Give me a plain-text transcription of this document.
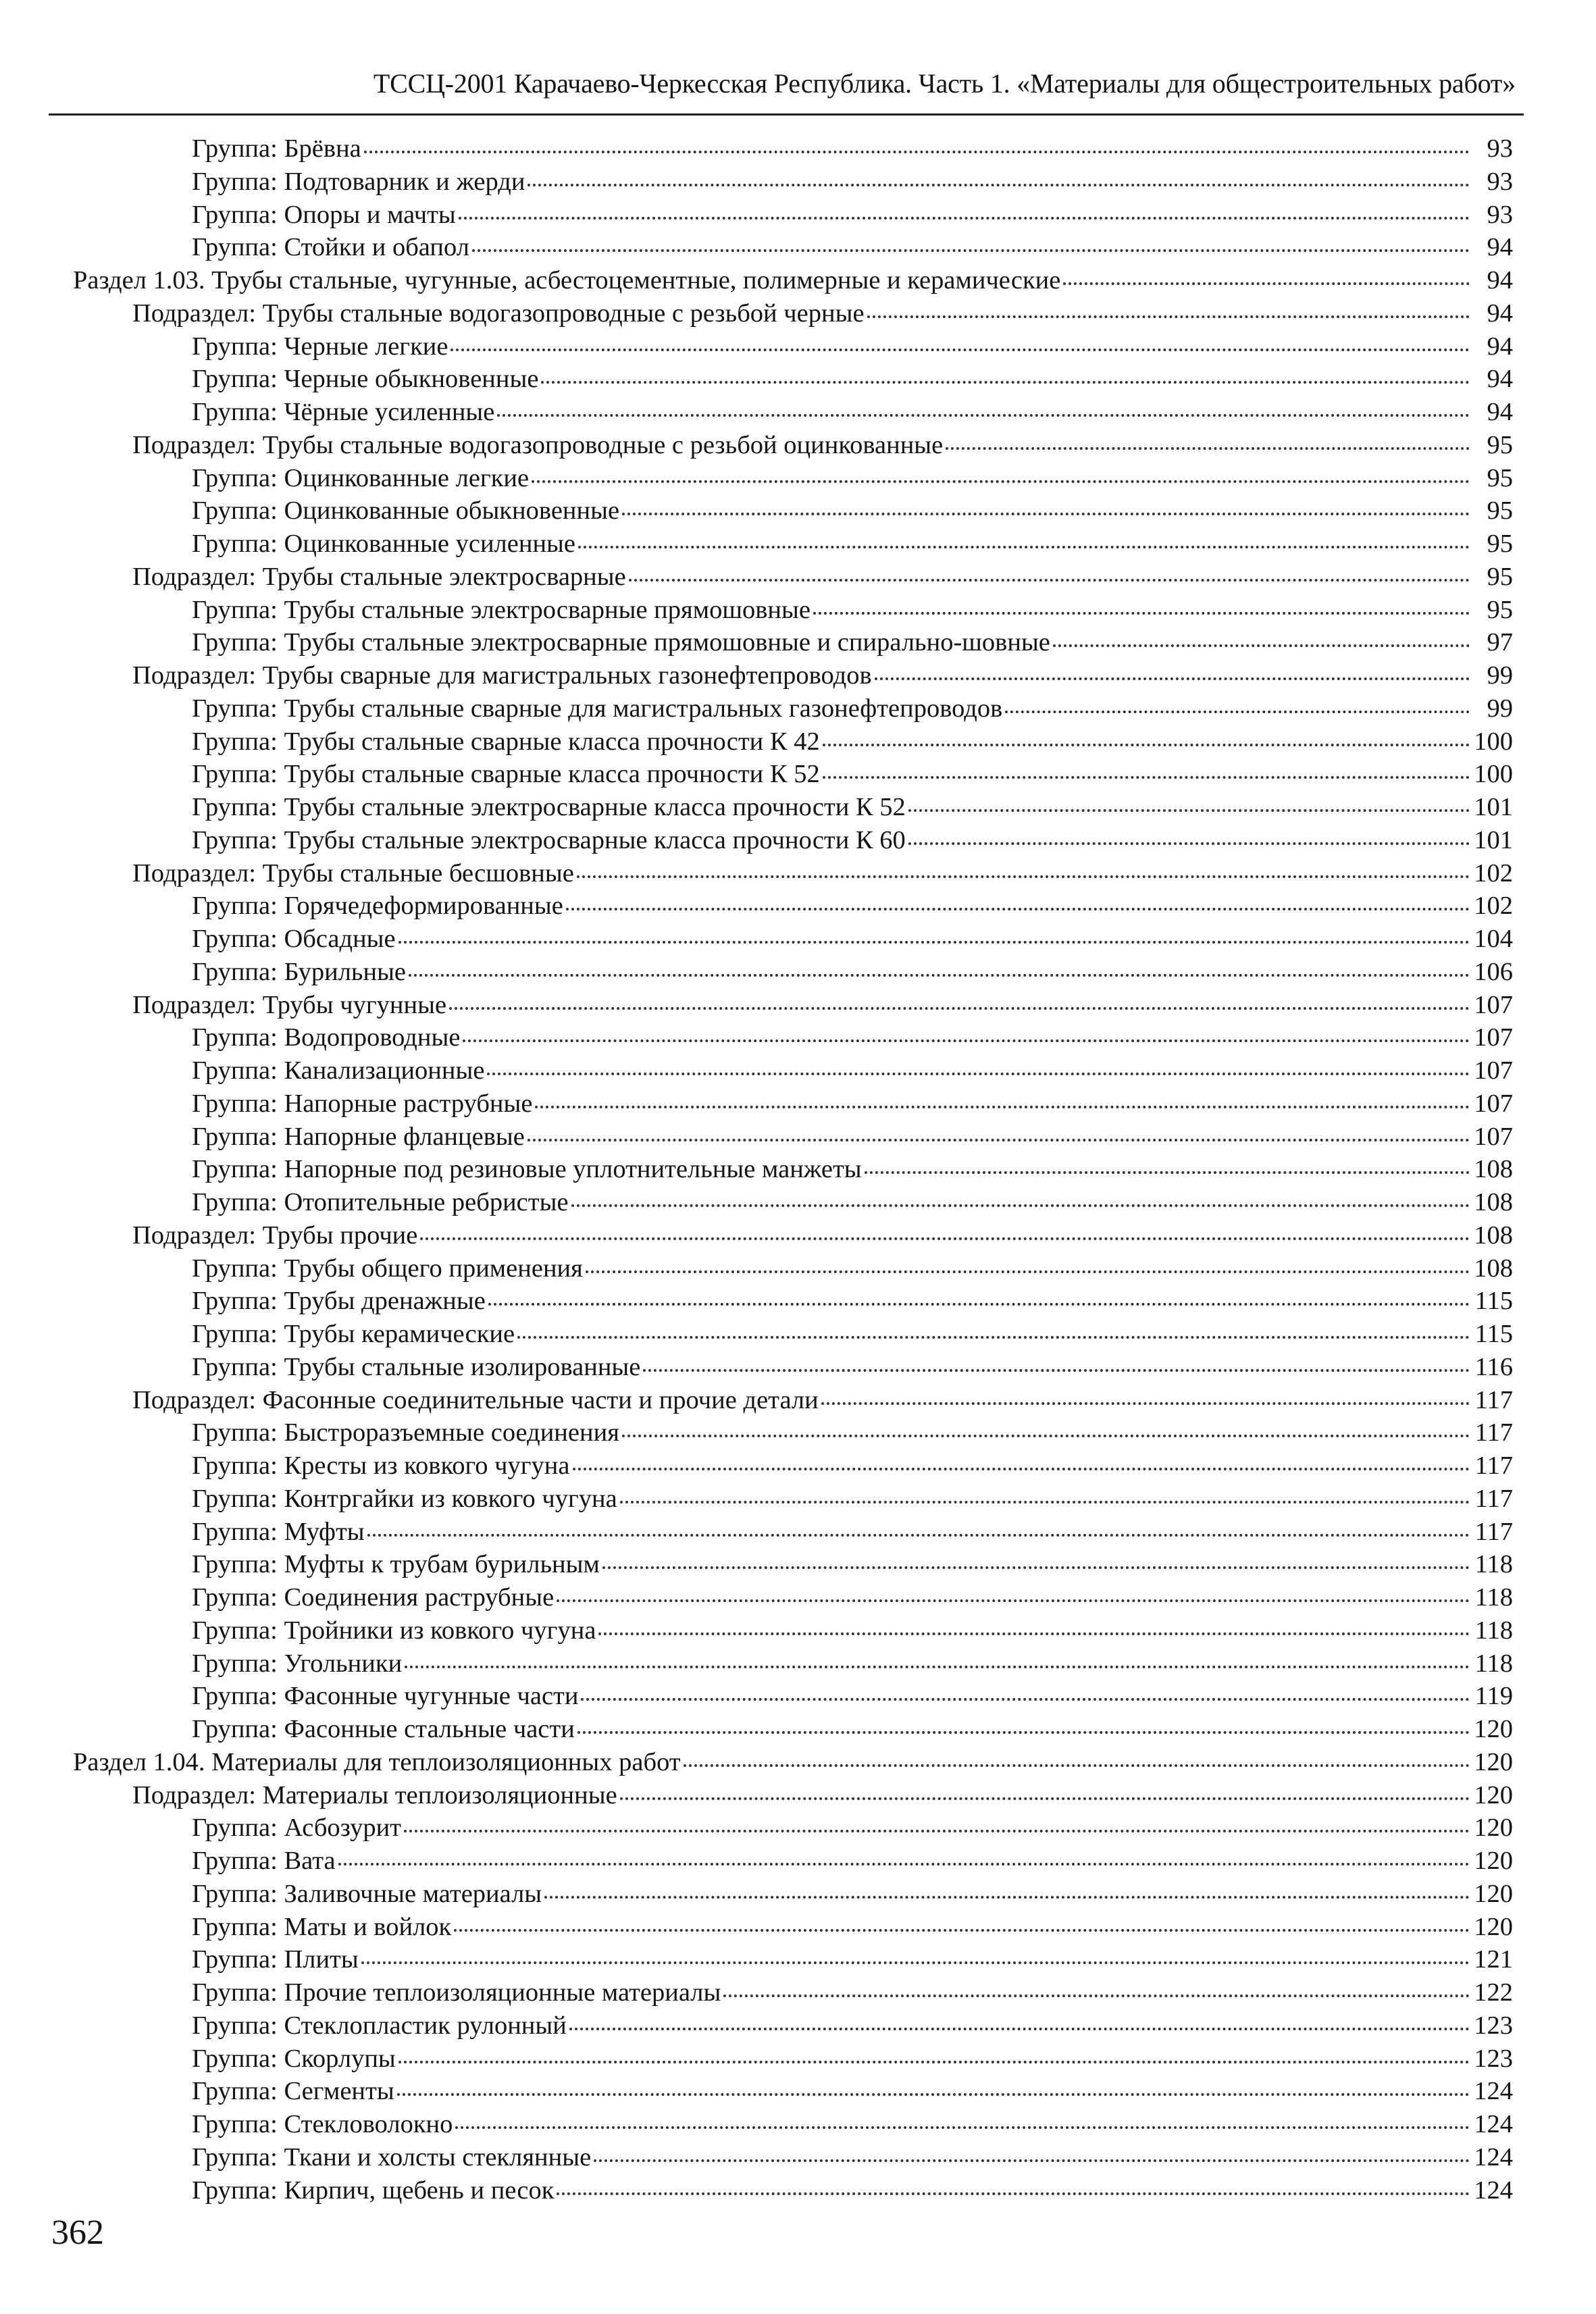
ТССЦ-2001 Карачаево-Черкесская Республика. Часть 1. «Материалы для общестроительных работ»
Группа: Брёвна	93
Группа: Подтоварник и жерди	93
Группа: Опоры и мачты	93
Группа: Стойки и обапол	94
Раздел 1.03. Трубы стальные, чугунные, асбестоцементные, полимерные и керамические	94
Подраздел: Трубы стальные водогазопроводные с резьбой черные	94
Группа: Черные легкие	94
Группа: Черные обыкновенные	94
Группа: Чёрные усиленные	94
Подраздел: Трубы стальные водогазопроводные с резьбой оцинкованные	95
Группа: Оцинкованные легкие	95
Группа: Оцинкованные обыкновенные	95
Группа: Оцинкованные усиленные	95
Подраздел: Трубы стальные электросварные	95
Группа: Трубы стальные электросварные прямошовные	95
Группа: Трубы стальные электросварные прямошовные и спирально-шовные	97
Подраздел: Трубы сварные для магистральных газонефтепроводов	99
Группа: Трубы стальные сварные для магистральных газонефтепроводов	99
Группа: Трубы стальные сварные класса прочности К 42	100
Группа: Трубы стальные сварные класса прочности К 52	100
Группа: Трубы стальные электросварные класса прочности К 52	101
Группа: Трубы стальные электросварные класса прочности К 60	101
Подраздел: Трубы стальные бесшовные	102
Группа: Горячедеформированные	102
Группа: Обсадные	104
Группа: Бурильные	106
Подраздел: Трубы чугунные	107
Группа: Водопроводные	107
Группа: Канализационные	107
Группа: Напорные раструбные	107
Группа: Напорные фланцевые	107
Группа: Напорные под резиновые уплотнительные манжеты	108
Группа: Отопительные ребристые	108
Подраздел: Трубы прочие	108
Группа: Трубы общего применения	108
Группа: Трубы дренажные	115
Группа: Трубы керамические	115
Группа: Трубы стальные изолированные	116
Подраздел: Фасонные соединительные части и прочие детали	117
Группа: Быстроразъемные соединения	117
Группа: Кресты из ковкого чугуна	117
Группа: Контргайки из ковкого чугуна	117
Группа: Муфты	117
Группа: Муфты к трубам бурильным	118
Группа: Соединения раструбные	118
Группа: Тройники из ковкого чугуна	118
Группа: Угольники	118
Группа: Фасонные чугунные части	119
Группа: Фасонные стальные части	120
Раздел 1.04. Материалы для теплоизоляционных работ	120
Подраздел: Материалы теплоизоляционные	120
Группа: Асбозурит	120
Группа: Вата	120
Группа: Заливочные материалы	120
Группа: Маты и войлок	120
Группа: Плиты	121
Группа: Прочие теплоизоляционные материалы	122
Группа: Стеклопластик рулонный	123
Группа: Скорлупы	123
Группа: Сегменты	124
Группа: Стекловолокно	124
Группа: Ткани и холсты стеклянные	124
Группа: Кирпич, щебень и песок	124
362
